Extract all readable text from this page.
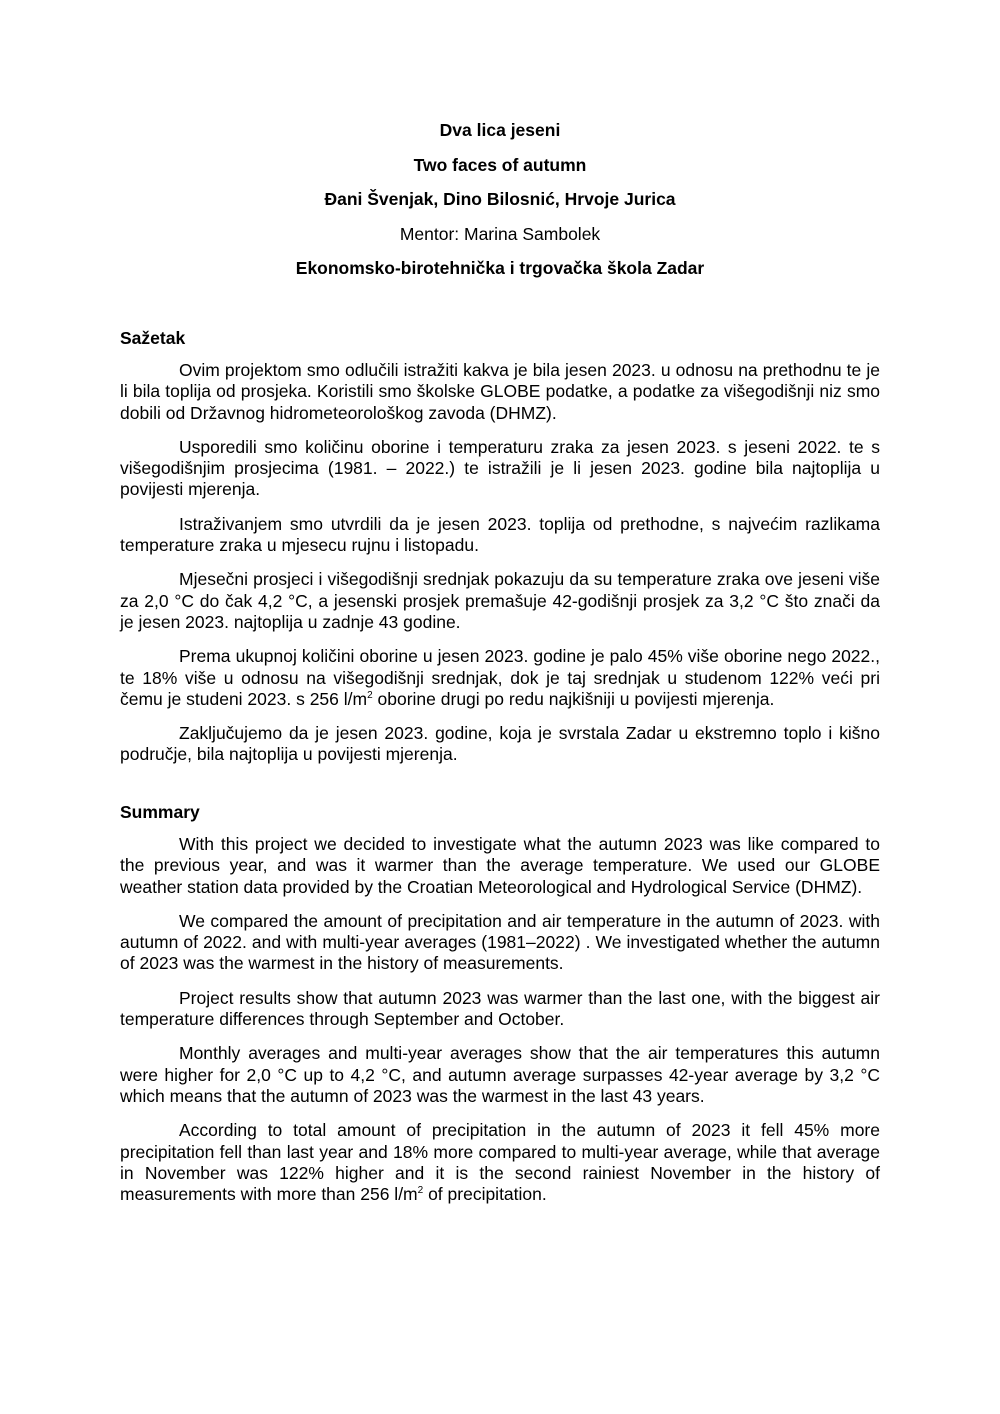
Dva lica jeseni

Two faces of autumn

Đani Švenjak, Dino Bilosnić, Hrvoje Jurica

Mentor: Marina Sambolek

Ekonomsko-birotehnička i trgovačka škola Zadar

Sažetak

Ovim projektom smo odlučili istražiti kakva je bila jesen 2023. u odnosu na prethodnu te je li bila toplija od prosjeka. Koristili smo školske GLOBE podatke, a podatke za višegodišnji niz smo dobili od Državnog hidrometeorološkog zavoda (DHMZ).

Usporedili smo količinu oborine i temperaturu zraka za jesen 2023. s jeseni 2022. te s višegodišnjim prosjecima (1981. – 2022.) te istražili je li jesen 2023. godine bila najtoplija u povijesti mjerenja.

Istraživanjem smo utvrdili da je jesen 2023. toplija od prethodne, s najvećim razlikama temperature zraka u mjesecu rujnu i listopadu.

Mjesečni prosjeci i višegodišnji srednjak pokazuju da su temperature zraka ove jeseni više za 2,0 °C do čak 4,2 °C, a jesenski prosjek premašuje 42-godišnji prosjek za 3,2 °C što znači da je jesen 2023. najtoplija u zadnje 43 godine.

Prema ukupnoj količini oborine u jesen 2023. godine je palo 45% više oborine nego 2022., te 18% više u odnosu na višegodišnji srednjak, dok je taj srednjak u studenom 122% veći pri čemu je studeni 2023. s 256 $l/m^2$ oborine drugi po redu najkišniji u povijesti mjerenja.

Zaključujemo da je jesen 2023. godine, koja je svrstala Zadar u ekstremno toplo i kišno područje, bila najtoplija u povijesti mjerenja.

Summary

With this project we decided to investigate what the autumn 2023 was like compared to the previous year, and was it warmer than the average temperature. We used our GLOBE weather station data provided by the Croatian Meteorological and Hydrological Service (DHMZ).

We compared the amount of precipitation and air temperature in the autumn of 2023. with autumn of 2022. and with multi-year averages (1981–2022) . We investigated whether the autumn of 2023 was the warmest in the history of measurements.

Project results show that autumn 2023 was warmer than the last one, with the biggest air temperature differences through September and October.

Monthly averages and multi-year averages show that the air temperatures this autumn were higher for 2,0 °C up to 4,2 °C, and autumn average surpasses 42-year average by 3,2 °C which means that the autumn of 2023 was the warmest in the last 43 years.

According to total amount of precipitation in the autumn of 2023 it fell 45% more precipitation fell than last year and 18% more compared to multi-year average, while that average in November was 122% higher and it is the second rainiest November in the history of measurements with more than 256 $l/m^2$ of precipitation.
